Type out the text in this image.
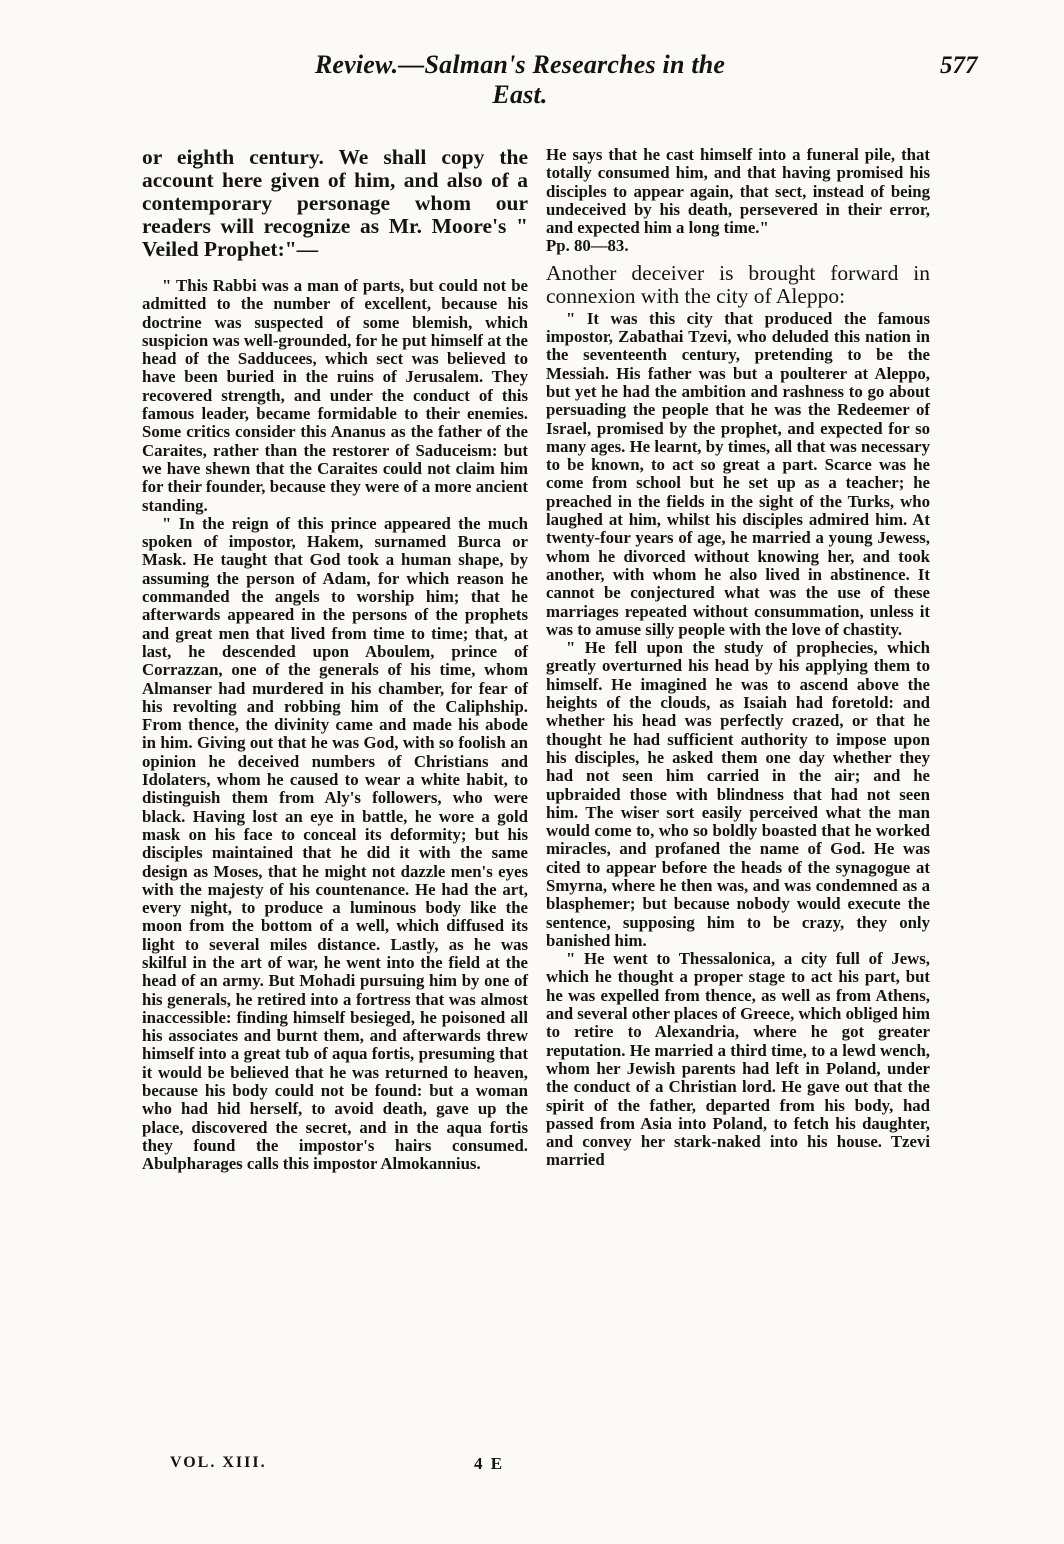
Review.—Salman's Researches in the East.
577

or eighth century. We shall copy the account here given of him, and also of a contemporary personage whom our readers will recognize as Mr. Moore's " Veiled Prophet:"—

" This Rabbi was a man of parts, but could not be admitted to the number of excellent, because his doctrine was suspected of some blemish, which suspicion was well-grounded, for he put himself at the head of the Sadducees, which sect was believed to have been buried in the ruins of Jerusalem. They recovered strength, and under the conduct of this famous leader, became formidable to their enemies. Some critics consider this Ananus as the father of the Caraites, rather than the restorer of Saduceism: but we have shewn that the Caraites could not claim him for their founder, because they were of a more ancient standing.

" In the reign of this prince appeared the much spoken of impostor, Hakem, surnamed Burca or Mask. He taught that God took a human shape, by assuming the person of Adam, for which reason he commanded the angels to worship him; that he afterwards appeared in the persons of the prophets and great men that lived from time to time; that, at last, he descended upon Aboulem, prince of Corrazzan, one of the generals of his time, whom Almanser had murdered in his chamber, for fear of his revolting and robbing him of the Caliphship. From thence, the divinity came and made his abode in him. Giving out that he was God, with so foolish an opinion he deceived numbers of Christians and Idolaters, whom he caused to wear a white habit, to distinguish them from Aly's followers, who were black. Having lost an eye in battle, he wore a gold mask on his face to conceal its deformity; but his disciples maintained that he did it with the same design as Moses, that he might not dazzle men's eyes with the majesty of his countenance. He had the art, every night, to produce a luminous body like the moon from the bottom of a well, which diffused its light to several miles distance. Lastly, as he was skilful in the art of war, he went into the field at the head of an army. But Mohadi pursuing him by one of his generals, he retired into a fortress that was almost inaccessible: finding himself besieged, he poisoned all his associates and burnt them, and afterwards threw himself into a great tub of aqua fortis, presuming that it would be believed that he was returned to heaven, because his body could not be found: but a woman who had hid herself, to avoid death, gave up the place, discovered the secret, and in the aqua fortis they found the impostor's hairs consumed. Abulpharages calls this impostor Almokannius.

He says that he cast himself into a funeral pile, that totally consumed him, and that having promised his disciples to appear again, that sect, instead of being undeceived by his death, persevered in their error, and expected him a long time."

Pp. 80—83.

Another deceiver is brought forward in connexion with the city of Aleppo:

" It was this city that produced the famous impostor, Zabathai Tzevi, who deluded this nation in the seventeenth century, pretending to be the Messiah. His father was but a poulterer at Aleppo, but yet he had the ambition and rashness to go about persuading the people that he was the Redeemer of Israel, promised by the prophet, and expected for so many ages. He learnt, by times, all that was necessary to be known, to act so great a part. Scarce was he come from school but he set up as a teacher; he preached in the fields in the sight of the Turks, who laughed at him, whilst his disciples admired him. At twenty-four years of age, he married a young Jewess, whom he divorced without knowing her, and took another, with whom he also lived in abstinence. It cannot be conjectured what was the use of these marriages repeated without consummation, unless it was to amuse silly people with the love of chastity.

" He fell upon the study of prophecies, which greatly overturned his head by his applying them to himself. He imagined he was to ascend above the heights of the clouds, as Isaiah had foretold: and whether his head was perfectly crazed, or that he thought he had sufficient authority to impose upon his disciples, he asked them one day whether they had not seen him carried in the air; and he upbraided those with blindness that had not seen him. The wiser sort easily perceived what the man would come to, who so boldly boasted that he worked miracles, and profaned the name of God. He was cited to appear before the heads of the synagogue at Smyrna, where he then was, and was condemned as a blasphemer; but because nobody would execute the sentence, supposing him to be crazy, they only banished him.

" He went to Thessalonica, a city full of Jews, which he thought a proper stage to act his part, but he was expelled from thence, as well as from Athens, and several other places of Greece, which obliged him to retire to Alexandria, where he got greater reputation. He married a third time, to a lewd wench, whom her Jewish parents had left in Poland, under the conduct of a Christian lord. He gave out that the spirit of the father, departed from his body, had passed from Asia into Poland, to fetch his daughter, and convey her stark-naked into his house. Tzevi married

VOL. XIII.	4 E
